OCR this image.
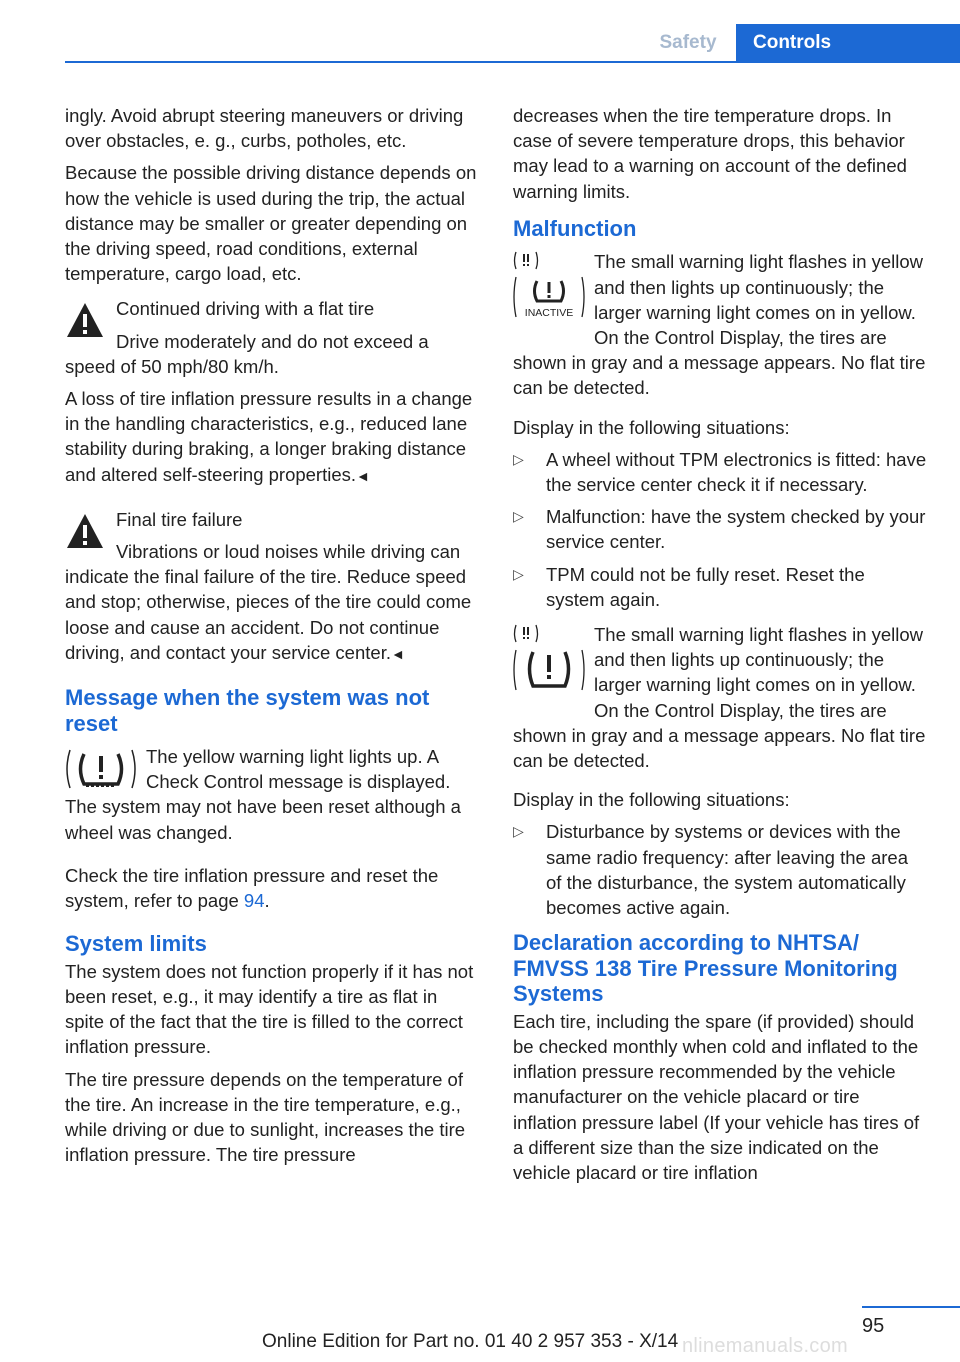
Safety	Controls

ingly. Avoid abrupt steering maneuvers or driving over obstacles, e. g., curbs, potholes, etc.

Because the possible driving distance depends on how the vehicle is used during the trip, the actual distance may be smaller or greater depending on the driving speed, road conditions, external temperature, cargo load, etc.

Continued driving with a flat tire

Drive moderately and do not exceed a speed of 50 mph/80 km/h.

A loss of tire inflation pressure results in a change in the handling characteristics, e.g., reduced lane stability during braking, a longer braking distance and altered self-steering properties.◄

Final tire failure

Vibrations or loud noises while driving can indicate the final failure of the tire. Reduce speed and stop; otherwise, pieces of the tire could come loose and cause an accident. Do not continue driving, and contact your service center.◄

Message when the system was not reset

The yellow warning light lights up. A Check Control message is displayed. The system may not have been reset although a wheel was changed.

Check the tire inflation pressure and reset the system, refer to page 94.

System limits

The system does not function properly if it has not been reset, e.g., it may identify a tire as flat in spite of the fact that the tire is filled to the correct inflation pressure.

The tire pressure depends on the temperature of the tire. An increase in the tire temperature, e.g., while driving or due to sunlight, increases the tire inflation pressure. The tire pressure

decreases when the tire temperature drops. In case of severe temperature drops, this behavior may lead to a warning on account of the defined warning limits.

Malfunction
INACTIVE

The small warning light flashes in yellow and then lights up continuously; the larger warning light comes on in yellow. On the Control Display, the tires are shown in gray and a message appears. No flat tire can be detected.

Display in the following situations:

▷ A wheel without TPM electronics is fitted: have the service center check it if necessary.
▷ Malfunction: have the system checked by your service center.
▷ TPM could not be fully reset. Reset the system again.

The small warning light flashes in yellow and then lights up continuously; the larger warning light comes on in yellow. On the Control Display, the tires are shown in gray and a message appears. No flat tire can be detected.

Display in the following situations:

▷ Disturbance by systems or devices with the same radio frequency: after leaving the area of the disturbance, the system automatically becomes active again.
Declaration according to NHTSA/ FMVSS 138 Tire Pressure Monitoring Systems

Each tire, including the spare (if provided) should be checked monthly when cold and inflated to the inflation pressure recommended by the vehicle manufacturer on the vehicle placard or tire inflation pressure label (If your vehicle has tires of a different size than the size indicated on the vehicle placard or tire inflation

95
Online Edition for Part no. 01 40 2 957 353 - X/14 nlinemanuals.com
